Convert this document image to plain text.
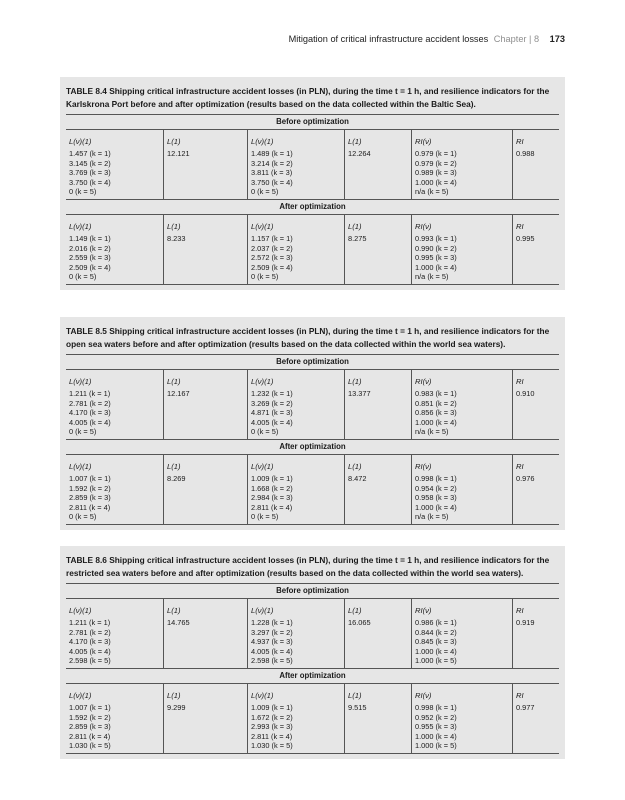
Mitigation of critical infrastructure accident losses Chapter | 8 173
TABLE 8.4 Shipping critical infrastructure accident losses (in PLN), during the time t = 1 h, and resilience indicators for the Karlskrona Port before and after optimization (results based on the data collected within the Baltic Sea).
Before optimization
L(ν)(1)
1.457 (k = 1)
3.145 (k = 2)
3.769 (k = 3)
3.750 (k = 4)
0 (k = 5)
L(1)
12.121
L(ν)(1)
1.489 (k = 1)
3.214 (k = 2)
3.811 (k = 3)
3.750 (k = 4)
0 (k = 5)
L(1)
12.264
RI(ν)
0.979 (k = 1)
0.979 (k = 2)
0.989 (k = 3)
1.000 (k = 4)
n/a (k = 5)
RI
0.988
After optimization
L(ν)(1)
1.149 (k = 1)
2.016 (k = 2)
2.559 (k = 3)
2.509 (k = 4)
0 (k = 5)
L(1)
8.233
L(ν)(1)
1.157 (k = 1)
2.037 (k = 2)
2.572 (k = 3)
2.509 (k = 4)
0 (k = 5)
L(1)
8.275
RI(ν)
0.993 (k = 1)
0.990 (k = 2)
0.995 (k = 3)
1.000 (k = 4)
n/a (k = 5)
RI
0.995
TABLE 8.5 Shipping critical infrastructure accident losses (in PLN), during the time t = 1 h, and resilience indicators for the open sea waters before and after optimization (results based on the data collected within the world sea waters).
Before optimization
L(ν)(1)
1.211 (k = 1)
2.781 (k = 2)
4.170 (k = 3)
4.005 (k = 4)
0 (k = 5)
L(1)
12.167
L(ν)(1)
1.232 (k = 1)
3.269 (k = 2)
4.871 (k = 3)
4.005 (k = 4)
0 (k = 5)
L(1)
13.377
RI(ν)
0.983 (k = 1)
0.851 (k = 2)
0.856 (k = 3)
1.000 (k = 4)
n/a (k = 5)
RI
0.910
After optimization
L(ν)(1)
1.007 (k = 1)
1.592 (k = 2)
2.859 (k = 3)
2.811 (k = 4)
0 (k = 5)
L(1)
8.269
L(ν)(1)
1.009 (k = 1)
1.668 (k = 2)
2.984 (k = 3)
2.811 (k = 4)
0 (k = 5)
L(1)
8.472
RI(ν)
0.998 (k = 1)
0.954 (k = 2)
0.958 (k = 3)
1.000 (k = 4)
n/a (k = 5)
RI
0.976
TABLE 8.6 Shipping critical infrastructure accident losses (in PLN), during the time t = 1 h, and resilience indicators for the restricted sea waters before and after optimization (results based on the data collected within the world sea waters).
Before optimization
L(ν)(1)
1.211 (k = 1)
2.781 (k = 2)
4.170 (k = 3)
4.005 (k = 4)
2.598 (k = 5)
L(1)
14.765
L(ν)(1)
1.228 (k = 1)
3.297 (k = 2)
4.937 (k = 3)
4.005 (k = 4)
2.598 (k = 5)
L(1)
16.065
RI(ν)
0.986 (k = 1)
0.844 (k = 2)
0.845 (k = 3)
1.000 (k = 4)
1.000 (k = 5)
RI
0.919
After optimization
L(ν)(1)
1.007 (k = 1)
1.592 (k = 2)
2.859 (k = 3)
2.811 (k = 4)
1.030 (k = 5)
L(1)
9.299
L(ν)(1)
1.009 (k = 1)
1.672 (k = 2)
2.993 (k = 3)
2.811 (k = 4)
1.030 (k = 5)
L(1)
9.515
RI(ν)
0.998 (k = 1)
0.952 (k = 2)
0.955 (k = 3)
1.000 (k = 4)
1.000 (k = 5)
RI
0.977
